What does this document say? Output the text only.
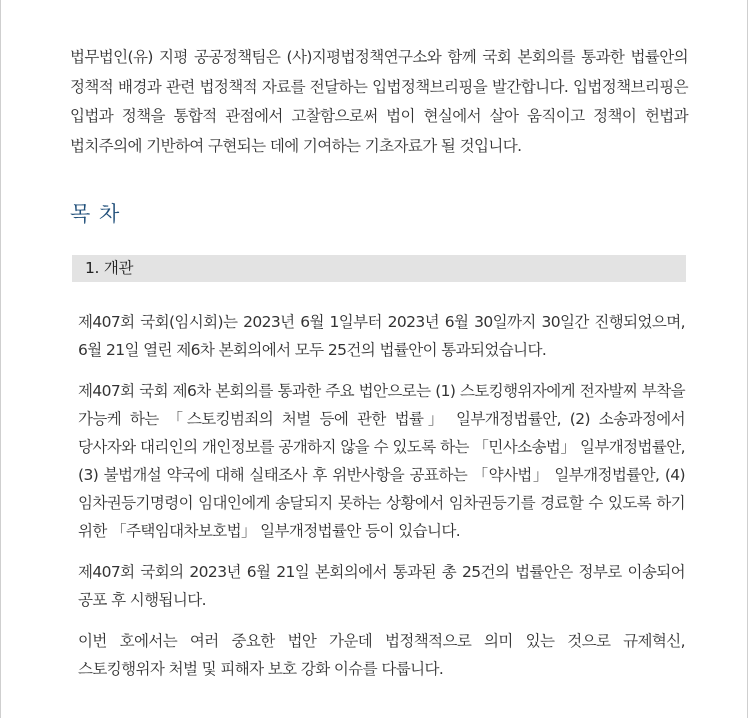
법무법인(유) 지평 공공정책팀은 (사)지평법정책연구소와 함께 국회 본회의를 통과한 법률안의 정책적 배경과 관련 법정책적 자료를 전달하는 입법정책브리핑을 발간합니다. 입법정책브리핑은 입법과 정책을 통합적 관점에서 고찰함으로써 법이 현실에서 살아 움직이고 정책이 헌법과 법치주의에 기반하여 구현되는 데에 기여하는 기초자료가 될 것입니다.

목 차
1. 개관

제407회 국회(임시회)는 2023년 6월 1일부터 2023년 6월 30일까지 30일간 진행되었으며, 6월 21일 열린 제6차 본회의에서 모두 25건의 법률안이 통과되었습니다.

제407회 국회 제6차 본회의를 통과한 주요 법안으로는 (1) 스토킹행위자에게 전자발찌 부착을 가능케 하는 「스토킹범죄의 처벌 등에 관한 법률」 일부개정법률안, (2) 소송과정에서 당사자와 대리인의 개인정보를 공개하지 않을 수 있도록 하는 「민사소송법」 일부개정법률안, (3) 불법개설 약국에 대해 실태조사 후 위반사항을 공표하는 「약사법」 일부개정법률안, (4) 임차권등기명령이 임대인에게 송달되지 못하는 상황에서 임차권등기를 경료할 수 있도록 하기 위한 「주택임대차보호법」 일부개정법률안 등이 있습니다.

제407회 국회의 2023년 6월 21일 본회의에서 통과된 총 25건의 법률안은 정부로 이송되어 공포 후 시행됩니다.

이번 호에서는 여러 중요한 법안 가운데 법정책적으로 의미 있는 것으로 규제혁신, 스토킹행위자 처벌 및 피해자 보호 강화 이슈를 다룹니다.
